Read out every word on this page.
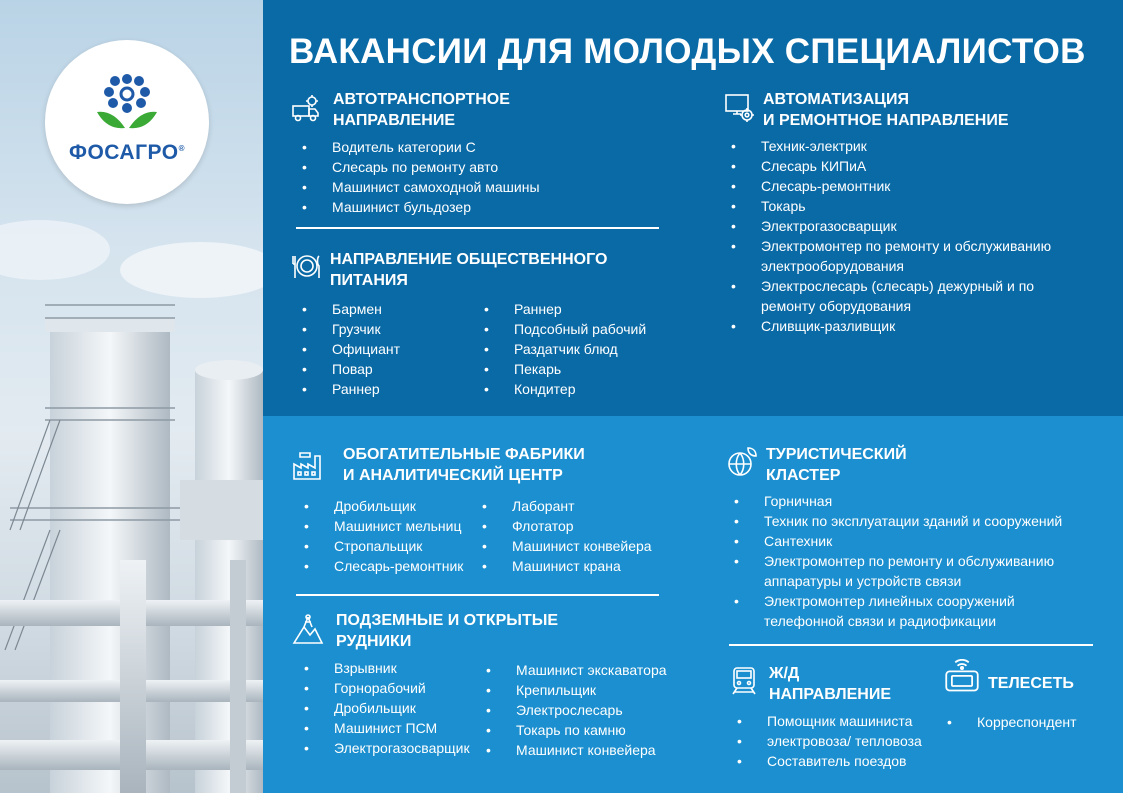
ФОСАГРО®
ВАКАНСИИ ДЛЯ МОЛОДЫХ СПЕЦИАЛИСТОВ
АВТОТРАНСПОРТНОЕ
НАПРАВЛЕНИЕ
• Водитель категории С
• Слесарь по ремонту авто
• Машинист самоходной машины
• Машинист бульдозер
НАПРАВЛЕНИЕ ОБЩЕСТВЕННОГО
ПИТАНИЯ
• Бармен
• Грузчик
• Официант
• Повар
• Раннер
• Раннер
• Подсобный рабочий
• Раздатчик блюд
• Пекарь
• Кондитер
АВТОМАТИЗАЦИЯ
И РЕМОНТНОЕ НАПРАВЛЕНИЕ
• Техник-электрик
• Слесарь КИПиА
• Слесарь-ремонтник
• Токарь
• Электрогазосварщик
• Электромонтер по ремонту и обслуживанию
электрооборудования
• Электрослесарь (слесарь) дежурный и по
ремонту оборудования
• Сливщик-разливщик
ОБОГАТИТЕЛЬНЫЕ ФАБРИКИ
И АНАЛИТИЧЕСКИЙ ЦЕНТР
• Дробильщик
• Машинист мельниц
• Стропальщик
• Слесарь-ремонтник
• Лаборант
• Флотатор
• Машинист конвейера
• Машинист крана
ПОДЗЕМНЫЕ И ОТКРЫТЫЕ
РУДНИКИ
• Взрывник
• Горнорабочий
• Дробильщик
• Машинист ПСМ
• Электрогазосварщик
• Машинист экскаватора
• Крепильщик
• Электрослесарь
• Токарь по камню
• Машинист конвейера
ТУРИСТИЧЕСКИЙ
КЛАСТЕР
• Горничная
• Техник по эксплуатации зданий и сооружений
• Сантехник
• Электромонтер по ремонту и обслуживанию
аппаратуры и устройств связи
• Электромонтер линейных сооружений
телефонной связи и радиофикации
Ж/Д
НАПРАВЛЕНИЕ
• Помощник машиниста
• электровоза/ тепловоза
• Составитель поездов
ТЕЛЕСЕТЬ
• Корреспондент
